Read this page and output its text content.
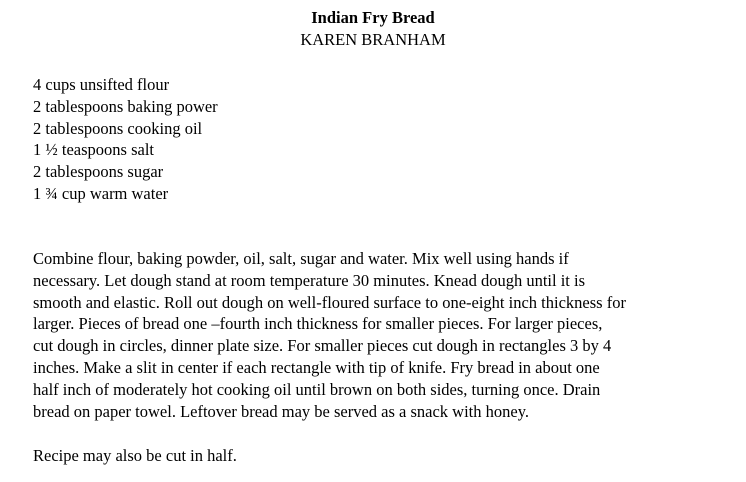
Indian Fry Bread
KAREN BRANHAM
4 cups unsifted flour
2 tablespoons baking power
2 tablespoons cooking oil
1 ½ teaspoons salt
2 tablespoons sugar
1 ¾ cup warm water

Combine flour, baking powder, oil, salt, sugar and water. Mix well using hands if
necessary. Let dough stand at room temperature 30 minutes. Knead dough until it is
smooth and elastic. Roll out dough on well-floured surface to one-eight inch thickness for
larger. Pieces of bread one –fourth inch thickness for smaller pieces. For larger pieces,
cut dough in circles, dinner plate size. For smaller pieces cut dough in rectangles 3 by 4
inches. Make a slit in center if each rectangle with tip of knife. Fry bread in about one
half inch of moderately hot cooking oil until brown on both sides, turning once. Drain
bread on paper towel. Leftover bread may be served as a snack with honey.

Recipe may also be cut in half.
